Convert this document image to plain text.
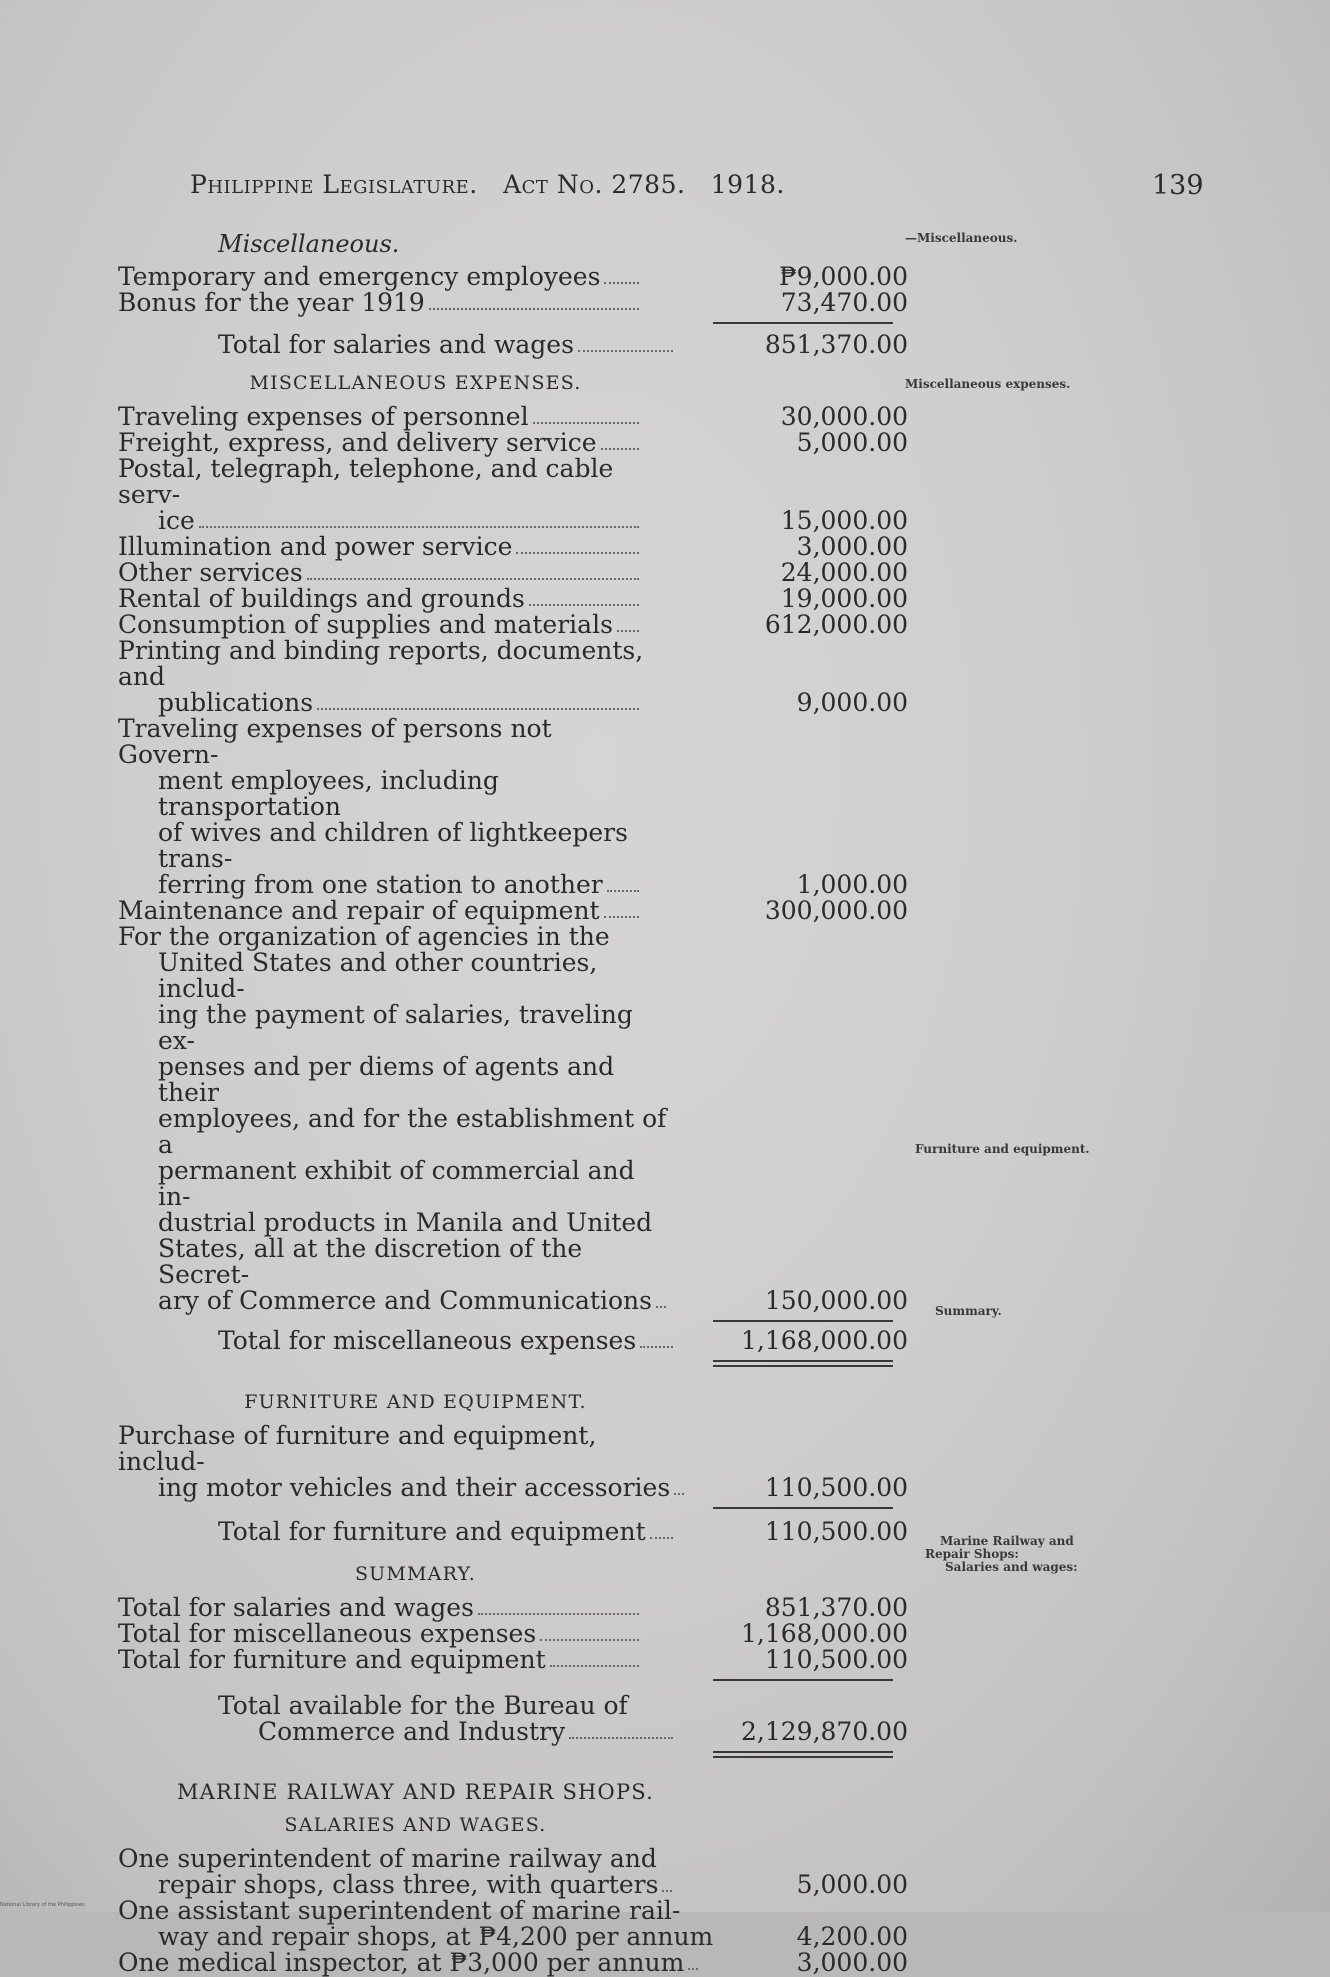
Philippine Legislature. Act No. 2785. 1918.	139
—Miscellaneous.
Miscellaneous expenses.
Furniture and equipment.
Summary.
Marine Railway and
Repair Shops:
Salaries and wages:
Miscellaneous.
Temporary and emergency employees	₱9,000.00
Bonus for the year 1919	73,470.00
Total for salaries and wages	851,370.00
MISCELLANEOUS EXPENSES.
Traveling expenses of personnel	30,000.00
Freight, express, and delivery service	5,000.00
Postal, telegraph, telephone, and cable serv-
ice	15,000.00
Illumination and power service	3,000.00
Other services	24,000.00
Rental of buildings and grounds	19,000.00
Consumption of supplies and materials	612,000.00
Printing and binding reports, documents, and
publications	9,000.00
Traveling expenses of persons not Govern-
ment employees, including transportation
of wives and children of lightkeepers trans-
ferring from one station to another	1,000.00
Maintenance and repair of equipment	300,000.00
For the organization of agencies in the
United States and other countries, includ-
ing the payment of salaries, traveling ex-
penses and per diems of agents and their
employees, and for the establishment of a
permanent exhibit of commercial and in-
dustrial products in Manila and United
States, all at the discretion of the Secret-
ary of Commerce and Communications	150,000.00
Total for miscellaneous expenses	1,168,000.00
FURNITURE AND EQUIPMENT.
Purchase of furniture and equipment, includ-
ing motor vehicles and their accessories	110,500.00
Total for furniture and equipment	110,500.00
SUMMARY.
Total for salaries and wages	851,370.00
Total for miscellaneous expenses	1,168,000.00
Total for furniture and equipment	110,500.00
Total available for the Bureau of
Commerce and Industry	2,129,870.00
MARINE RAILWAY AND REPAIR SHOPS.
SALARIES AND WAGES.
One superintendent of marine railway and
repair shops, class three, with quarters	5,000.00
One assistant superintendent of marine rail-
way and repair shops, at ₱4,200 per annum	4,200.00
One medical inspector, at ₱3,000 per annum	3,000.00
National Library of the Philippines
